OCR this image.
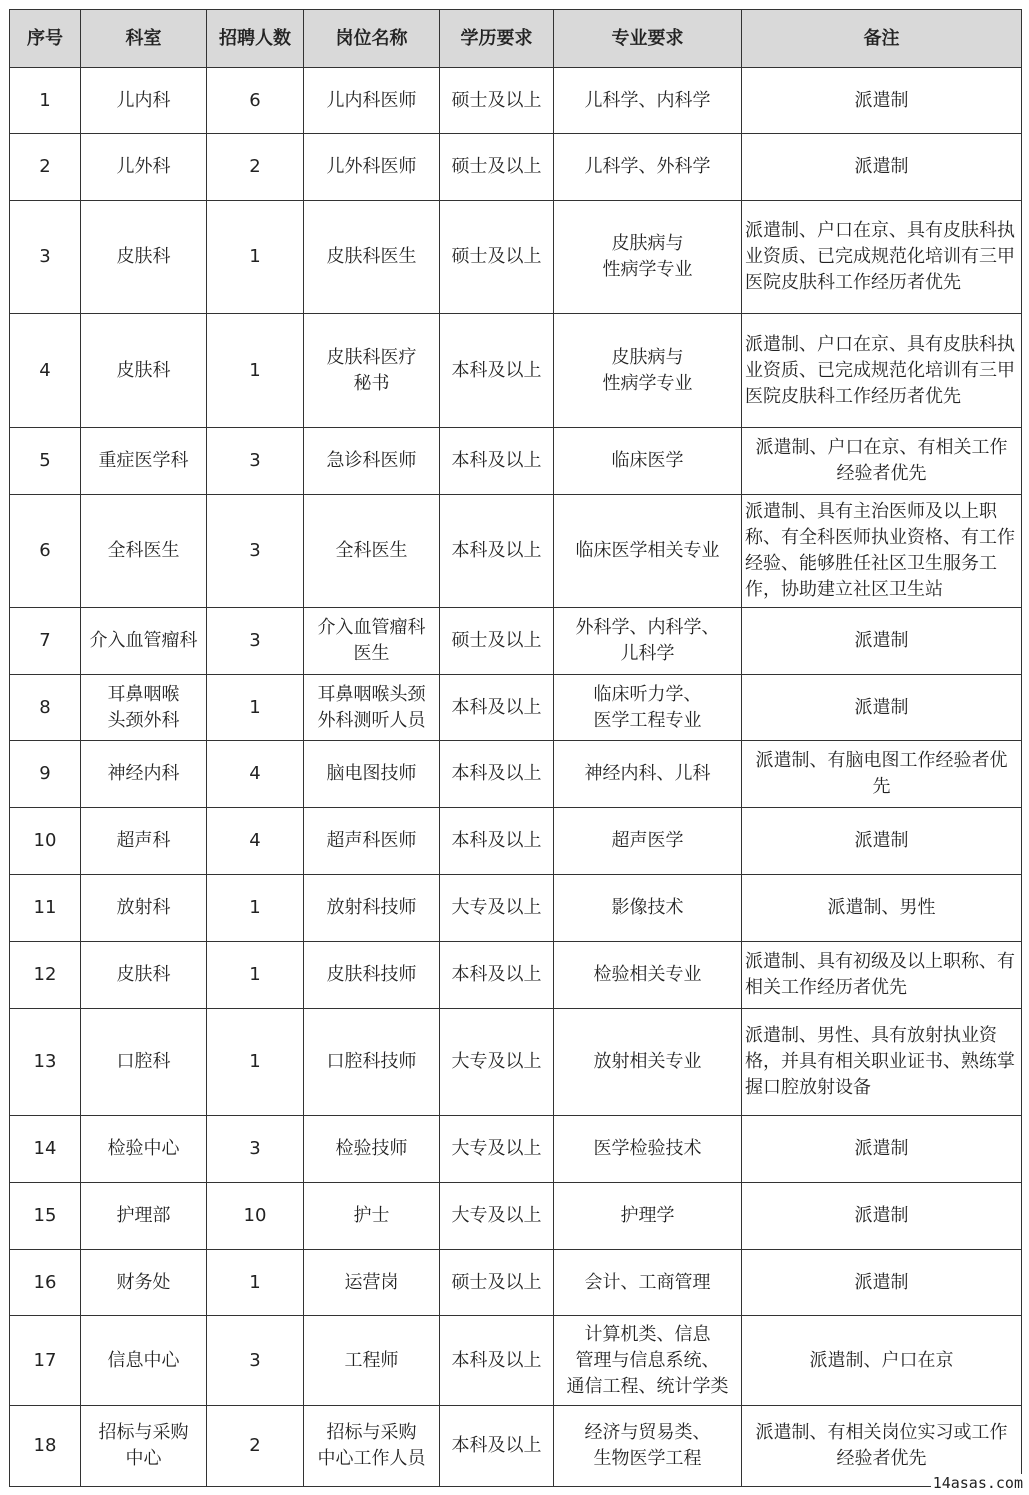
序号	科室	招聘人数	岗位名称	学历要求	专业要求	备注
1	儿内科	6	儿内科医师	硕士及以上	儿科学、内科学	派遣制
2	儿外科	2	儿外科医师	硕士及以上	儿科学、外科学	派遣制
3	皮肤科	1	皮肤科医生	硕士及以上	皮肤病与
性病学专业	派遣制、户口在京、具有皮肤科执业资质、已完成规范化培训有三甲医院皮肤科工作经历者优先
4	皮肤科	1	皮肤科医疗
秘书	本科及以上	皮肤病与
性病学专业	派遣制、户口在京、具有皮肤科执业资质、已完成规范化培训有三甲医院皮肤科工作经历者优先
5	重症医学科	3	急诊科医师	本科及以上	临床医学	派遣制、户口在京、有相关工作经验者优先
6	全科医生	3	全科医生	本科及以上	临床医学相关专业	派遣制、具有主治医师及以上职称、有全科医师执业资格、有工作经验、能够胜任社区卫生服务工作，协助建立社区卫生站
7	介入血管瘤科	3	介入血管瘤科
医生	硕士及以上	外科学、内科学、
儿科学	派遣制
8	耳鼻咽喉
头颈外科	1	耳鼻咽喉头颈
外科测听人员	本科及以上	临床听力学、
医学工程专业	派遣制
9	神经内科	4	脑电图技师	本科及以上	神经内科、儿科	派遣制、有脑电图工作经验者优先
10	超声科	4	超声科医师	本科及以上	超声医学	派遣制
11	放射科	1	放射科技师	大专及以上	影像技术	派遣制、男性
12	皮肤科	1	皮肤科技师	本科及以上	检验相关专业	派遣制、具有初级及以上职称、有相关工作经历者优先
13	口腔科	1	口腔科技师	大专及以上	放射相关专业	派遣制、男性、具有放射执业资格，并具有相关职业证书、熟练掌握口腔放射设备
14	检验中心	3	检验技师	大专及以上	医学检验技术	派遣制
15	护理部	10	护士	大专及以上	护理学	派遣制
16	财务处	1	运营岗	硕士及以上	会计、工商管理	派遣制
17	信息中心	3	工程师	本科及以上	计算机类、信息
管理与信息系统、
通信工程、统计学类	派遣制、户口在京
18	招标与采购
中心	2	招标与采购
中心工作人员	本科及以上	经济与贸易类、
生物医学工程	派遣制、有相关岗位实习或工作经验者优先
14asas.com
